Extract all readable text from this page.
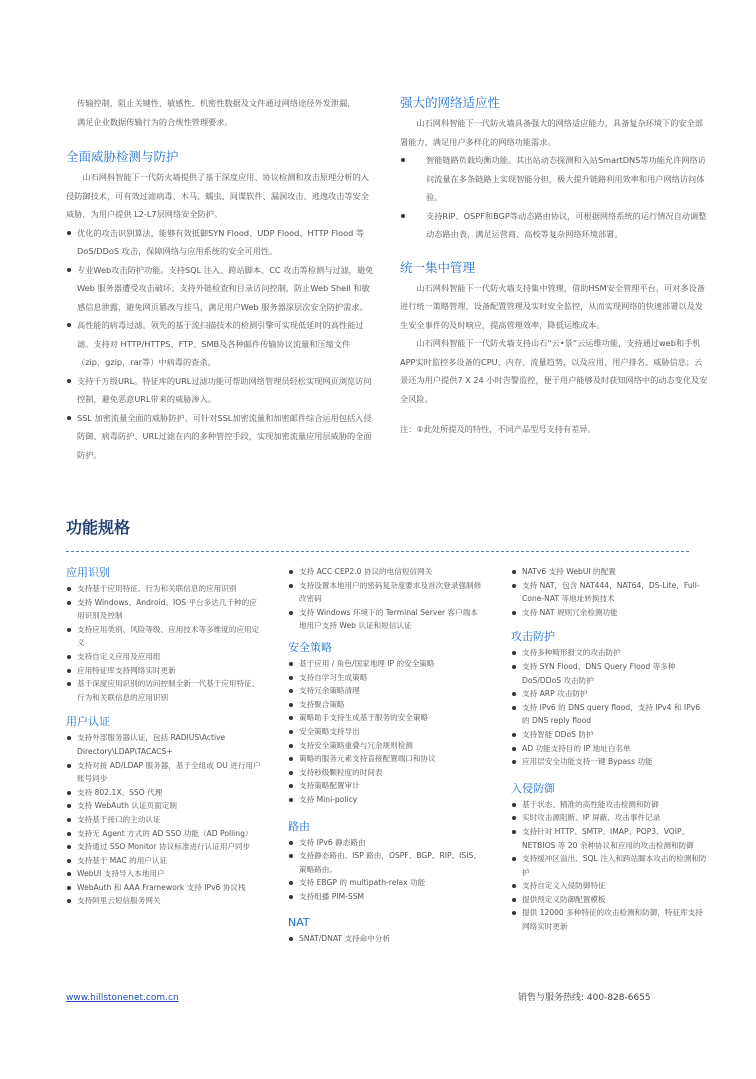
传输控制，阻止关键性、敏感性、机密性数据及文件通过网络途径外发泄漏，

满足企业数据传输行为的合规性管理要求。

全面威胁检测与防护

山石网科智能下一代防火墙提供了基于深度应用、协议检测和攻击原理分析的入侵防御技术，可有效过滤病毒、木马、蠕虫、间谍软件、漏洞攻击、逃逸攻击等安全威胁，为用户提供 L2-L7层网络安全防护。

优化的攻击识别算法，能够有效抵御SYN Flood、UDP Flood、HTTP Flood 等 DoS/DDoS 攻击，保障网络与应用系统的安全可用性。
专业Web攻击防护功能。支持SQL 注入、跨站脚本、CC 攻击等检测与过滤，避免Web 服务器遭受攻击破坏；支持外链检查和目录访问控制，防止Web Shell 和敏感信息泄露，避免网页篡改与挂马，满足用户Web 服务器深层次安全防护需求。
高性能的病毒过滤。领先的基于流扫描技术的检测引擎可实现低延时的高性能过滤。支持对 HTTP/HTTPS、FTP、SMB及各种邮件传输协议流量和压缩文件（zip，gzip，rar等）中病毒的查杀。
支持千万级URL。特征库的URL过滤功能可帮助网络管理员轻松实现网页浏览访问控制，避免恶意URL带来的威胁渗入。
SSL 加密流量全面的威胁防护。可针对SSL加密流量和加密邮件综合运用包括入侵防御、病毒防护、URL过滤在内的多种管控手段，实现加密流量应用层威胁的全面防护。
强大的网络适应性

山石网科智能下一代防火墙具备强大的网络适应能力，具备复杂环境下的安全部署能力，满足用户多样化的网络功能需求。

智能链路负载均衡功能。其出站动态探测和入站SmartDNS等功能允许网络访问流量在多条链路上实现智能分担，极大提升链路利用效率和用户网络访问体验。
支持RIP、OSPF和BGP等动态路由协议，可根据网络系统的运行情况自动调整动态路由表，满足运营商、高校等复杂网络环境部署。
统一集中管理

山石网科智能下一代防火墙支持集中管理，借助HSM安全管理平台，可对多设备进行统一策略管理、设备配置管理及实时安全监控，从而实现网络的快速部署以及发生安全事件的及时响应，提高管理效率，降低运维成本。

山石网科智能下一代防火墙支持山石“云•景”云运维功能，支持通过web和手机APP实时监控多设备的CPU、内存、流量趋势，以及应用、用户排名、威胁信息；云景还为用户提供7 X 24 小时告警监控，便于用户能够及时获知网络中的动态变化及安全风险。

注：①此处所提及的特性，不同产品型号支持有差异。

功能规格
应用识别
支持基于应用特征、行为和关联信息的应用识别
支持 Windows、Android、IOS 平台多达几千种的应用识别及控制
支持应用类别、风险等级、应用技术等多维度的应用定义
支持自定义应用及应用组
应用特征库支持网络实时更新
基于深度应用识别的访问控制全新一代基于应用特征、行为和关联信息的应用识别
用户认证
支持外部服务器认证，包括 RADIUS\Active Directory\LDAP\TACACS+
支持对接 AD/LDAP 服务器，基于全组或 OU 进行用户账号同步
支持 802.1X、SSO 代理
支持 WebAuth 认证页面定制
支持基于接口的主动认证
支持无 Agent 方式的 AD SSO 功能（AD Polling）
支持通过 SSO Monitor 协议标准进行认证用户同步
支持基于 MAC 的用户认证
WebUI 支持导入本地用户
WebAuth 和 AAA Framework 支持 IPv6 协议栈
支持阿里云短信服务网关
支持 ACC CEP2.0 协议的电信短信网关
支持设置本地用户的密码复杂度要求及首次登录强制修改密码
支持 Windows 环境下的 Terminal Server 客户端本地用户支持 Web 认证和短信认证
安全策略
基于应用 / 角色/国家地理 IP 的安全策略
支持自学习生成策略
支持冗余策略清理
支持聚合策略
策略助手支持生成基于服务的安全策略
安全策略支持导出
支持安全策略重叠与冗余规则检测
策略的服务元素支持直接配置端口和协议
支持秒级颗粒度的时间表
支持策略配置审计
支持 Mini-policy
路由
支持 IPv6 静态路由
支持静态路由、ISP 路由，OSPF、BGP、RIP、ISIS、策略路由。
支持 EBGP 的 multipath-relax 功能
支持组播 PIM-SSM
NAT
SNAT/DNAT 支持命中分析
NATv6 支持 WebUI 的配置
支持 NAT，包含 NAT444，NAT64，DS-Lite，Full-Cone-NAT 等地址转换技术
支持 NAT 规则冗余检测功能
攻击防护
支持多种畸形报文的攻击防护
支持 SYN Flood、DNS Query Flood 等多种 DoS/DDoS 攻击防护
支持 ARP 攻击防护
支持 IPv6 的 DNS query flood，支持 IPv4 和 IPv6 的 DNS reply flood
支持智能 DDoS 防护
AD 功能支持目的 IP 地址白名单
应用层安全功能支持一键 Bypass 功能
入侵防御
基于状态、精准的高性能攻击检测和防御
实时攻击源阻断、IP 屏蔽、攻击事件记录
支持针对 HTTP、SMTP、IMAP、POP3、VOIP、NETBIOS 等 20 余种协议和应用的攻击检测和防御
支持缓冲区溢出、SQL 注入和跨站脚本攻击的检测和防护
支持自定义入侵防御特征
提供预定义防御配置模板
提供 12000 多种特征的攻击检测和防御，特征库支持网络实时更新
www.hillstonenet.com.cn	销售与服务热线: 400-828-6655
